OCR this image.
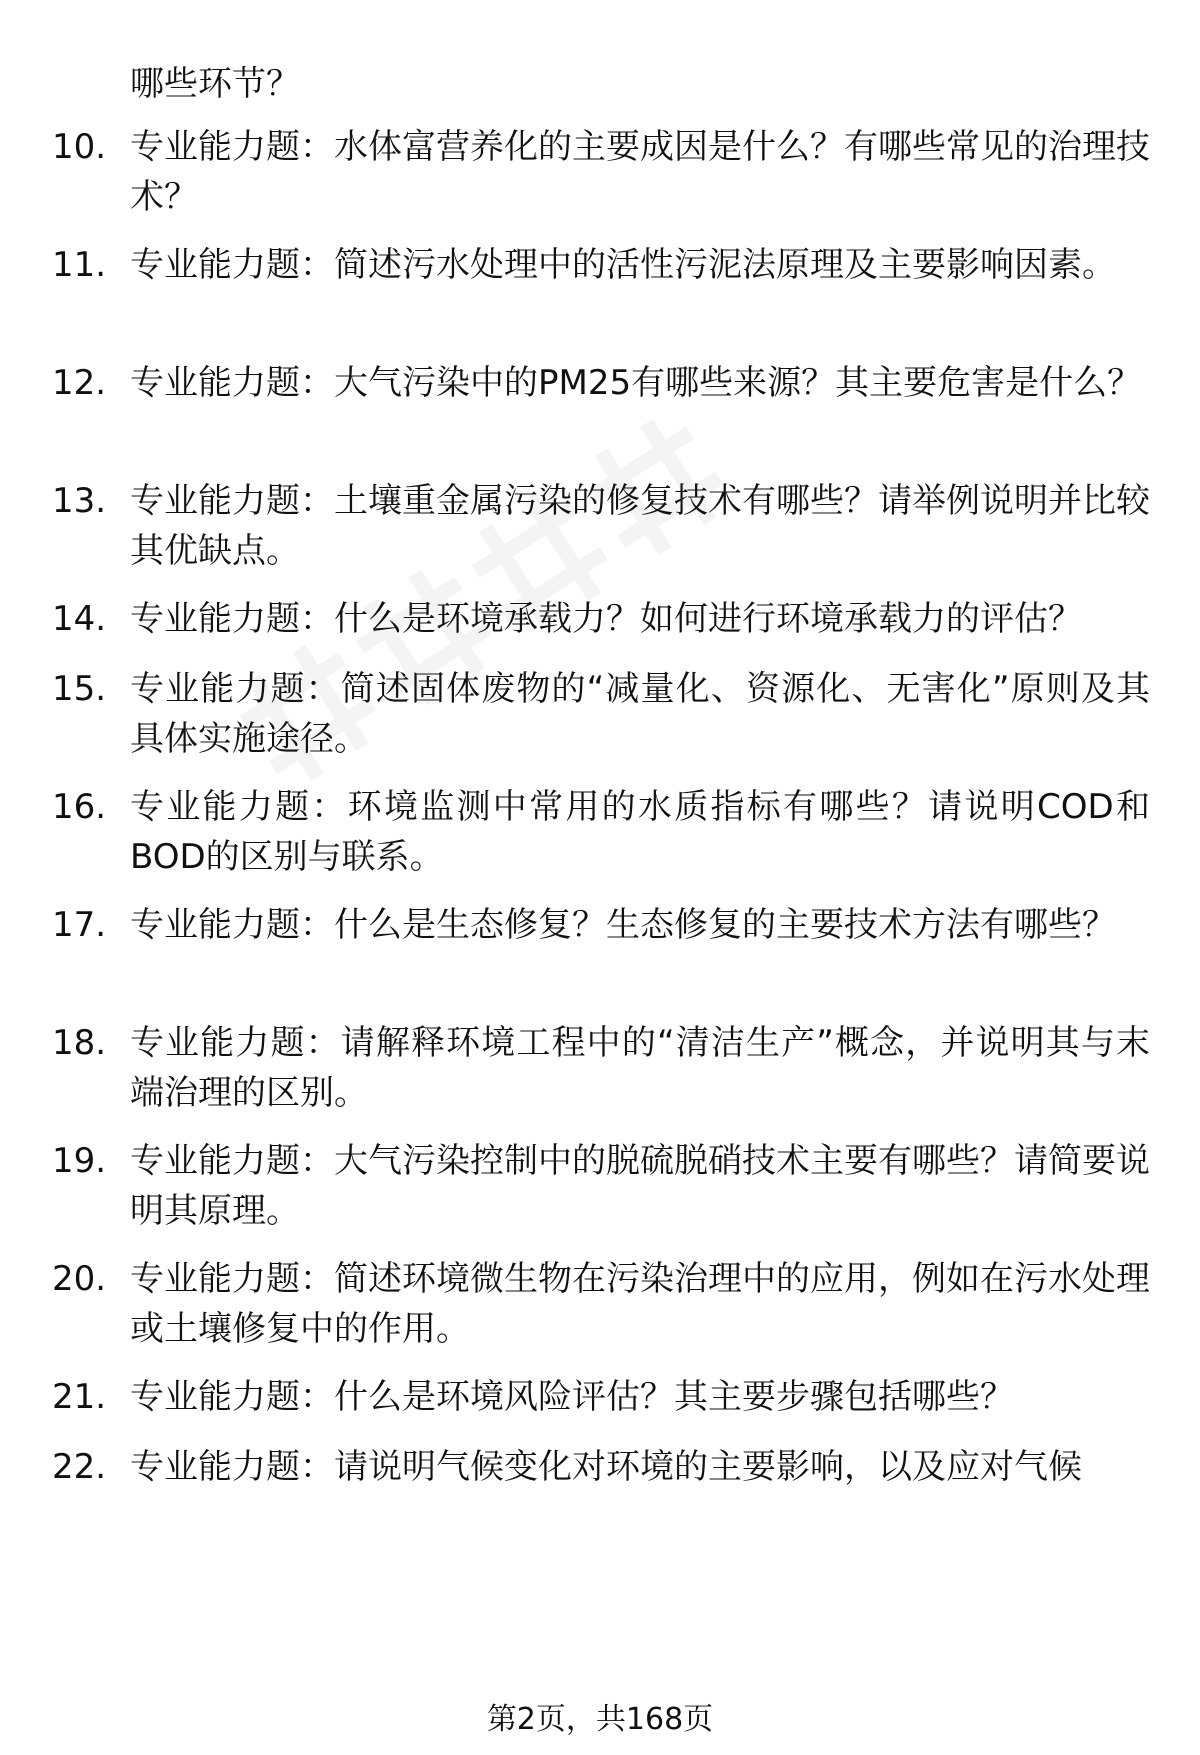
哪些环节？
10. 专业能力题：水体富营养化的主要成因是什么？有哪些常见的治理技术？
11. 专业能力题：简述污水处理中的活性污泥法原理及主要影响因素。
12. 专业能力题：大气污染中的PM25有哪些来源？其主要危害是什么？
13. 专业能力题：土壤重金属污染的修复技术有哪些？请举例说明并比较其优缺点。
14. 专业能力题：什么是环境承载力？如何进行环境承载力的评估？
15. 专业能力题：简述固体废物的“减量化、资源化、无害化”原则及其具体实施途径。
16. 专业能力题：环境监测中常用的水质指标有哪些？请说明COD和BOD的区别与联系。
17. 专业能力题：什么是生态修复？生态修复的主要技术方法有哪些？
18. 专业能力题：请解释环境工程中的“清洁生产”概念，并说明其与末端治理的区别。
19. 专业能力题：大气污染控制中的脱硫脱硝技术主要有哪些？请简要说明其原理。
20. 专业能力题：简述环境微生物在污染治理中的应用，例如在污水处理或土壤修复中的作用。
21. 专业能力题：什么是环境风险评估？其主要步骤包括哪些？
22. 专业能力题：请说明气候变化对环境的主要影响，以及应对气候
第2页，共168页
